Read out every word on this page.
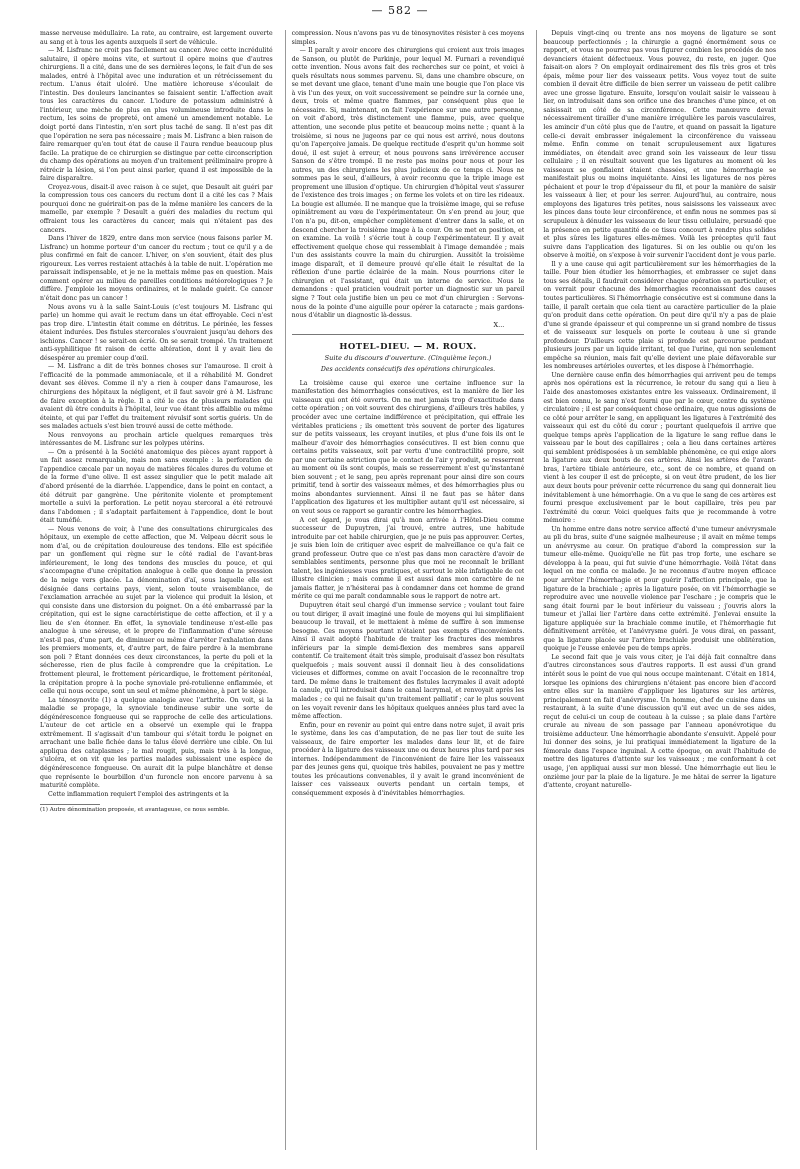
— 582 —

masse nerveuse médullaire. La rate, au contraire, est largement ouverte au sang et à tous les agents auxquels il sert de véhicule.

— M. Lisfranc ne croit pas facilement au cancer. Avec cette incrédulité salutaire, il opère moins vite, et surtout il opère moins que d'autres chirurgiens. Il a cité, dans une de ses dernières leçons, le fait d'un de ses malades, entré à l'hôpital avec une induration et un rétrécissement du rectum. L'anus était ulcéré. Une matière ichoreuse s'écoulait de l'intestin. Des douleurs lancinantes se faisaient sentir. L'affection avait tous les caractères du cancer. L'iodure de potassium administré à l'intérieur, une mèche de plus en plus volumineuse introduite dans le rectum, les soins de propreté, ont amené un amendement notable. Le doigt porté dans l'intestin, n'en sort plus taché de sang. Il n'est pas dit que l'opération ne sera pas nécessaire ; mais M. Lisfranc a bien raison de faire remarquer qu'en tout état de cause il l'aura rendue beaucoup plus facile. La pratique de ce chirurgien se distingue par cette circonscription du champ des opérations au moyen d'un traitement préliminaire propre à rétrécir la lésion, si l'on peut ainsi parler, quand il est impossible de la faire disparaître.

Croyez-vous, disait-il avec raison à ce sujet, que Desault ait guéri par la compression tous ces cancers du rectum dont il a cité les cas ? Mais pourquoi donc ne guérirait-on pas de la même manière les cancers de la mamelle, par exemple ? Desault a guéri des maladies du rectum qui offraient tous les caractères du cancer, mais qui n'étaient pas des cancers.

Dans l'hiver de 1829, entre dans mon service (nous faisons parler M. Lisfranc) un homme porteur d'un cancer du rectum ; tout ce qu'il y a de plus confirmé en fait de cancer. L'hiver, on s'en souvient, était des plus rigoureux. Les verres restaient attachés à la table de nuit. L'opération me paraissait indispensable, et je ne la mettais même pas en question. Mais comment opérer au milieu de pareilles conditions météorologiques ? Je diffère. J'emploie les moyens ordinaires, et le malade guérit. Ce cancer n'était donc pas un cancer !

Nous avons vu à la salle Saint-Louis (c'est toujours M. Lisfranc qui parle) un homme qui avait le rectum dans un état effroyable. Ceci n'est pas trop dire. L'intestin était comme en détritus. Le périnée, les fesses étaient indurées. Des fistules stercorales s'ouvraient jusqu'au dehors des ischions. Cancer ! se serait-on écrié. On se serait trompé. Un traitement anti-syphilitique fit raison de cette altération, dont il y avait lieu de désespérer au premier coup d'œil.

— M. Lisfranc a dit de très bonnes choses sur l'amaurose. Il croit à l'efficacité de la pommade ammoniacale, et il a réhabilité M. Gondret devant ses élèves. Comme il n'y a rien à couper dans l'amaurose, les chirurgiens des hôpitaux la négligent, et il faut savoir gré à M. Lisfranc de faire exception à la règle. Il a cité le cas de plusieurs malades qui avaient dû être conduits à l'hôpital, leur vue étant très affaiblie ou même éteinte, et qui par l'effet du traitement révulsif sont sortis guéris. Un de ses malades actuels s'est bien trouvé aussi de cette méthode.

Nous renvoyons au prochain article quelques remarques très intéressantes de M. Lisfranc sur les polypes utérins.

— On a présenté à la Société anatomique des pièces ayant rapport à un fait assez remarquable, mais non sans exemple : la perforation de l'appendice cæcale par un noyau de matières fécales dures du volume et de la forme d'une olive. Il est assez singulier que le petit malade ait d'abord présenté de la diarrhée. L'appendice, dans le point en contact, a été détruit par gangrène. Une péritonite violente et promptement mortelle a suivi la perforation. Le petit noyau stercoral a été retrouvé dans l'abdomen ; il s'adaptait parfaitement à l'appendice, dont le bout était tuméfié.

— Nous venons de voir, à l'une des consultations chirurgicales des hôpitaux, un exemple de cette affection, que M. Velpeau décrit sous le nom d'aï, ou de crépitation douloureuse des tendons. Elle est spécifiée par un gonflement qui règne sur le côté radial de l'avant-bras inférieurement, le long des tendons des muscles du pouce, et qui s'accompagne d'une crépitation analogue à celle que donne la pression de la neige vers glacée. La dénomination d'aï, sous laquelle elle est désignée dans certains pays, vient, selon toute vraisemblance, de l'exclamation arrachée au sujet par la violence qui produit la lésion, et qui consiste dans une distorsion du poignet. On a été embarrassé par la crépitation, qui est le signe caractéristique de cette affection, et il y a lieu de s'en étonner. En effet, la synoviale tendineuse n'est-elle pas analogue à une séreuse, et le propre de l'inflammation d'une séreuse n'est-il pas, d'une part, de diminuer ou même d'arrêter l'exhalation dans les premiers moments, et, d'autre part, de faire perdre à la membrane son poli ? Étant données ces deux circonstances, la perte du poli et la sécheresse, rien de plus facile à comprendre que la crépitation. Le frottement pleural, le frottement péricardique, le frottement péritonéal, la crépitation propre à la poche synoviale pré-rotulienne enflammée, et celle qui nous occupe, sont un seul et même phénomène, à part le siège.

La ténosynovite (1) a quelque analogie avec l'arthrite. On voit, si la maladie se propage, la synoviale tendineuse subir une sorte de dégénérescence fongueuse qui se rapproche de celle des articulations. L'auteur de cet article en a observé un exemple qui le frappa extrêmement. Il s'agissait d'un tambour qui s'était tordu le poignet en arrachant une balle fichée dans le talus élevé derrière une cible. On lui appliqua des cataplasmes ; le mal rougit, puis, mais très à la longue, s'ulcéra, et on vit que les parties malades subissaient une espèce de dégénérescence fongueuse. On aurait dit la pulpe blanchâtre et dense que représente le bourbillon d'un furoncle non encore parvenu à sa maturité complète.

Cette inflammation requiert l'emploi des astringents et la

(1) Autre dénomination proposée, et avantageuse, ce nous semble.

compression. Nous n'avons pas vu de ténosynovites résister à ces moyens simples.

— Il paraît y avoir encore des chirurgiens qui croient aux trois images de Sanson, ou plutôt de Purkinje, pour lequel M. Furnari a revendiqué cette invention. Nous avons fait des recherches sur ce point, et voici à quels résultats nous sommes parvenu. Si, dans une chambre obscure, on se met devant une glace, tenant d'une main une bougie que l'on place vis à vis l'un des yeux, on voit successivement se peindre sur la cornée une, deux, trois et même quatre flammes, par conséquent plus que le nécessaire. Si, maintenant, on fait l'expérience sur une autre personne, on voit d'abord, très distinctement une flamme, puis, avec quelque attention, une seconde plus petite et beaucoup moins nette ; quant à la troisième, si nous ne jugeons par ce qui nous est arrivé, nous doutons qu'on l'aperçoive jamais. De quelque rectitude d'esprit qu'un homme soit doué, il est sujet à erreur, et nous pouvons sans irrévérence accuser Sanson de s'être trompé. Il ne reste pas moins pour nous et pour les autres, un des chirurgiens les plus judicieux de ce temps ci. Nous ne sommes pas le seul, d'ailleurs, à avoir reconnu que la triple image est proprement une illusion d'optique. Un chirurgien d'hôpital veut s'assurer de l'existence des trois images ; on ferme les volets et on tire les rideaux. La bougie est allumée. Il ne manque que la troisième image, qui se refuse opiniâtrement au vœu de l'expérimentateur. On s'en prend au jour, que l'on n'a pu, dit-on, empêcher complètement d'entrer dans la salle, et on descend chercher la troisième image à la cour. On se met en position, et on examine. La voilà ! s'écrie tout à coup l'expérimentateur. Il y avait effectivement quelque chose qui ressemblait à l'image demandée ; mais l'un des assistants couvre la main du chirurgien. Aussitôt la troisième image disparaît, et il demeure prouvé qu'elle était le résultat de la réflexion d'une partie éclairée de la main. Nous pourrions citer le chirurgien et l'assistant, qui était un interne de service. Nous le demandons : quel praticien voudrait porter un diagnostic sur un pareil signe ? Tout cela justifie bien un peu ce mot d'un chirurgien : Servons-nous de la pointe d'une aiguille pour opérer la cataracte ; mais gardons-nous d'établir un diagnostic là-dessus.

X...
HOTEL-DIEU. — M. ROUX.
Suite du discours d'ouverture. (Cinquième leçon.)
Des accidents consécutifs des opérations chirurgicales.

La troisième cause qui exerce une certaine influence sur la manifestation des hémorrhagies consécutives, est la manière de lier les vaisseaux qui ont été ouverts. On ne met jamais trop d'exactitude dans cette opération ; on voit souvent des chirurgiens, d'ailleurs très habiles, y procéder avec une certaine indifférence et précipitation, qui effraie les véritables praticiens ; ils omettent très souvent de porter des ligatures sur de petits vaisseaux, les croyant inutiles, et plus d'une fois ils ont le malheur d'avoir des hémorrhagies consécutives. Il est bien connu que certains petits vaisseaux, soit par vertu d'une contractilité propre, soit par une certaine astriction que le contact de l'air y produit, se resserrent au moment où ils sont coupés, mais se resserrement n'est qu'instantané bien souvent ; et le sang, peu après reprenant pour ainsi dire son cours primitif, tend à sortir des vaisseaux mêmes, et des hémorrhagies plus ou moins abondantes surviennent. Ainsi il ne faut pas se hâter dans l'application des ligatures et les multiplier autant qu'il est nécessaire, si on veut sous ce rapport se garantir contre les hémorrhagies.

A cet égard, je vous dirai qu'à mon arrivée à l'Hôtel-Dieu comme successeur de Dupuytren, j'ai trouvé, entre autres, une habitude introduite par cet habile chirurgien, que je ne puis pas approuver. Certes, je suis bien loin de critiquer avec esprit de malveillance ce qu'a fait ce grand professeur. Outre que ce n'est pas dans mon caractère d'avoir de semblables sentiments, personne plus que moi ne reconnaît le brillant talent, les ingénieuses vues pratiques, et surtout le zèle infatigable de cet illustre clinicien ; mais comme il est aussi dans mon caractère de ne jamais flatter, je n'hésiterai pas à condamner dans cet homme de grand mérite ce qui me paraît condamnable sous le rapport de notre art.

Dupuytren était seul chargé d'un immense service ; voulant tout faire ou tout diriger, il avait imaginé une foule de moyens qui lui simplifiaient beaucoup le travail, et le mettaient à même de suffire à son immense besogne. Ces moyens pourtant n'étaient pas exempts d'inconvénients. Ainsi il avait adopté l'habitude de traiter les fractures des membres inférieurs par la simple demi-flexion des membres sans appareil contentif. Ce traitement était très simple, produisait d'assez bon résultats quelquefois ; mais souvent aussi il donnait lieu à des consolidations vicieuses et difformes, comme on avait l'occasion de le reconnaître trop tard. De même dans le traitement des fistules lacrymales il avait adopté la canule, qu'il introduisait dans le canal lacrymal, et renvoyait après les malades ; ce qui ne faisait qu'un traitement palliatif ; car le plus souvent on les voyait revenir dans les hôpitaux quelques années plus tard avec la même affection.

Enfin, pour en revenir au point qui entre dans notre sujet, il avait pris le système, dans les cas d'amputation, de ne pas lier tout de suite les vaisseaux, de faire emporter les malades dans leur lit, et de faire procéder à la ligature des vaisseaux une ou deux heures plus tard par ses internes. Indépendamment de l'inconvénient de faire lier les vaisseaux par des jeunes gens qui, quoique très habiles, pouvaient ne pas y mettre toutes les précautions convenables, il y avait le grand inconvénient de laisser ces vaisseaux ouverts pendant un certain temps, et conséquemment exposés à d'inévitables hémorrhagies.

Depuis vingt-cinq ou trente ans nos moyens de ligature se sont beaucoup perfectionnés ; la chirurgie a gagné énormément sous ce rapport, et vous ne pourrez pas vous figurer combien les procédés de nos devanciers étaient défectueux. Vous pouvez, du reste, en juger. Que faisait-on alors ? On employait ordinairement des fils très gros et très épais, même pour lier des vaisseaux petits. Vous voyez tout de suite combien il devait être difficile de bien serrer un vaisseau de petit calibre avec une grosse ligature. Ensuite, lorsqu'on voulait saisir le vaisseau à lier, on introduisait dans son orifice une des branches d'une pince, et on saisissait un côté de sa circonférence. Cette manœuvre devait nécessairement tirailler d'une manière irrégulière les parois vasculaires, les amincir d'un côté plus que de l'autre, et quand on passait la ligature celle-ci devait embrasser inégalement la circonférence du vaisseau même. Enfin comme on tenait scrupuleusement aux ligatures immédiates, on étendait avec grand soin les vaisseaux de leur tissu cellulaire ; il en résultait souvent que les ligatures au moment où les vaisseaux se gonflaient étaient chassées, et une hémorrhagie se manifestait plus ou moins inquiétante. Ainsi les ligatures de nos pères péchaient et pour le trop d'épaisseur du fil, et pour la manière de saisir les vaisseaux à lier, et pour les serrer. Aujourd'hui, au contraire, nous employons des ligatures très petites, nous saisissons les vaisseaux avec les pinces dans toute leur circonférence, et enfin nous ne sommes pas si scrupuleux à dénuder les vaisseaux de leur tissu cellulaire, persuadé que la présence en petite quantité de ce tissu concourt à rendre plus solides et plus sûres les ligatures elles-mêmes. Voilà les préceptes qu'il faut suivre dans l'application des ligatures. Si on les oublie ou qu'on les observe à moitié, on s'expose à voir survenir l'accident dont je vous parle.

Il y a une cause qui agit particulièrement sur les hémorrhagies de la taille. Pour bien étudier les hémorrhagies, et embrasser ce sujet dans tous ses détails, il faudrait considérer chaque opération en particulier, et on verrait pour chacune des hémorrhagies reconnaissant des causes toutes particulières. Si l'hémorrhagie consécutive est si commune dans la taille, il paraît certain que cela tient au caractère particulier de la plaie qu'on produit dans cette opération. On peut dire qu'il n'y a pas de plaie d'une si grande épaisseur et qui comprenne un si grand nombre de tissus et de vaisseaux sur lesquels on porte le couteau à une si grande profondeur. D'ailleurs cette plaie si profonde est parcourue pendant plusieurs jours par un liquide irritant, tel que l'urine, qui non seulement empêche sa réunion, mais fait qu'elle devient une plaie défavorable sur les nombreuses artérioles ouvertes, et les dispose à l'hémorrhagie.

Une dernière cause enfin des hémorrhagies qui arrivent peu de temps après nos opérations est la récurrence, le retour du sang qui a lieu à l'aide des anastomoses existantes entre les vaisseaux. Ordinairement, il est bien connu, le sang n'est fourni que par le cœur, centre du système circulatoire ; il est par conséquent chose ordinaire, que nous agissions de ce côté pour arrêter le sang, en appliquant les ligatures à l'extrémité des vaisseaux qui est du côté du cœur ; pourtant quelquefois il arrive que quelque temps après l'application de la ligature le sang reflue dans le vaisseau par le bout des capillaires ; cela a lieu dans certaines artères qui semblent prédisposées à un semblable phénomène, ce qui exige alors la ligature aux deux bouts de ces artères. Ainsi les artères de l'avant-bras, l'artère tibiale antérieure, etc., sont de ce nombre, et quand on vient à les couper il est de précepte, si on veut être prudent, de les lier aux deux bouts pour prévenir cette récurrence du sang qui donnerait lieu inévitablement à une hémorrhagie. On a vu que le sang de ces artères est fourni presque exclusivement par le bout capillaire, très peu par l'extrémité du cœur. Voici quelques faits que je recommande à votre mémoire :

Un homme entre dans notre service affecté d'une tumeur anévrysmale au pli du bras, suite d'une saignée malheureuse ; il avait en même temps un anévrysme au cœur. On pratique d'abord la compression sur la tumeur elle-même. Quoiqu'elle ne fût pas trop forte, une eschare se développa à la peau, qui fut suivie d'une hémorrhagie. Voilà l'état dans lequel on me confia ce malade. Je ne reconnus d'autre moyen efficace pour arrêter l'hémorrhagie et pour guérir l'affection principale, que la ligature de la brachiale ; après la ligature posée, on vit l'hémorrhagie se reproduire avec une nouvelle violence par l'eschare ; je compris que le sang était fourni par le bout inférieur du vaisseau ; j'ouvris alors la tumeur et j'allai lier l'artère dans cette extrémité. J'enlevai ensuite la ligature appliquée sur la brachiale comme inutile, et l'hémorrhagie fut définitivement arrêtée, et l'anévrysme guéri. Je vous dirai, en passant, que la ligature placée sur l'artère brachiale produisit une oblitération, quoique je l'eusse enlevée peu de temps après.

Le second fait que je vais vous citer, je l'ai déjà fait connaître dans d'autres circonstances sous d'autres rapports. Il est aussi d'un grand intérêt sous le point de vue qui nous occupe maintenant. C'était en 1814, lorsque les opinions des chirurgiens n'étaient pas encore bien d'accord entre elles sur la manière d'appliquer les ligatures sur les artères, principalement en fait d'anévrysme. Un homme, chef de cuisine dans un restaurant, à la suite d'une discussion qu'il eut avec un de ses aides, reçut de celui-ci un coup de couteau à la cuisse ; sa plaie dans l'artère crurale au niveau de son passage par l'anneau aponévrotique du troisième adducteur. Une hémorrhagie abondante s'ensuivit. Appelé pour lui donner des soins, je lui pratiquai immédiatement la ligature de la fémorale dans l'espace inguinal. A cette époque, on avait l'habitude de mettre des ligatures d'attente sur les vaisseaux ; me conformant à cet usage, j'en appliquai aussi sur mon blessé. Une hémorrhagie eut lieu le onzième jour par la plaie de la ligature. Je me hâtai de serrer la ligature d'attente, croyant naturelle-
